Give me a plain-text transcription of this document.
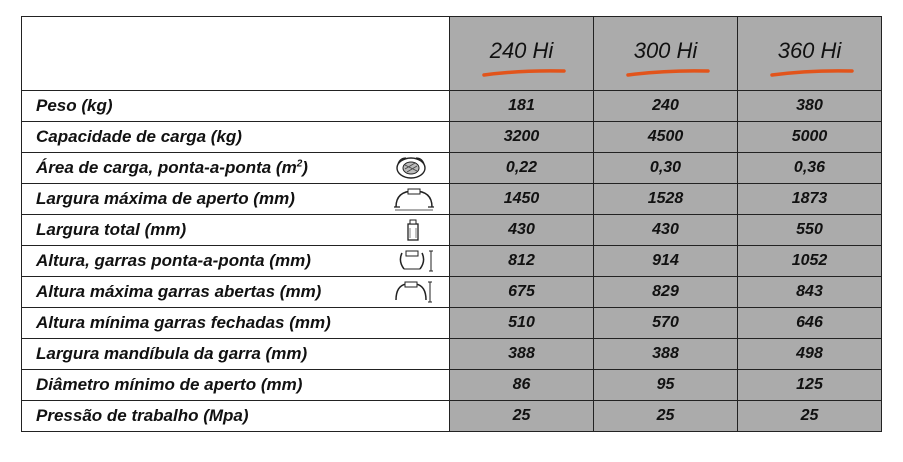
	240 Hi	300 Hi	360 Hi

Peso (kg)	181	240	380
Capacidade de carga (kg)	3200	4500	5000
Área de carga, ponta-a-ponta $(m^2)$	0,22	0,30	0,36
Largura máxima de aperto (mm)	1450	1528	1873
Largura total (mm)	430	430	550
Altura, garras ponta-a-ponta (mm)	812	914	1052
Altura máxima garras abertas (mm)	675	829	843
Altura mínima garras fechadas (mm)	510	570	646
Largura mandíbula da garra (mm)	388	388	498
Diâmetro mínimo de aperto (mm)	86	95	125
Pressão de trabalho (Mpa)	25	25	25
